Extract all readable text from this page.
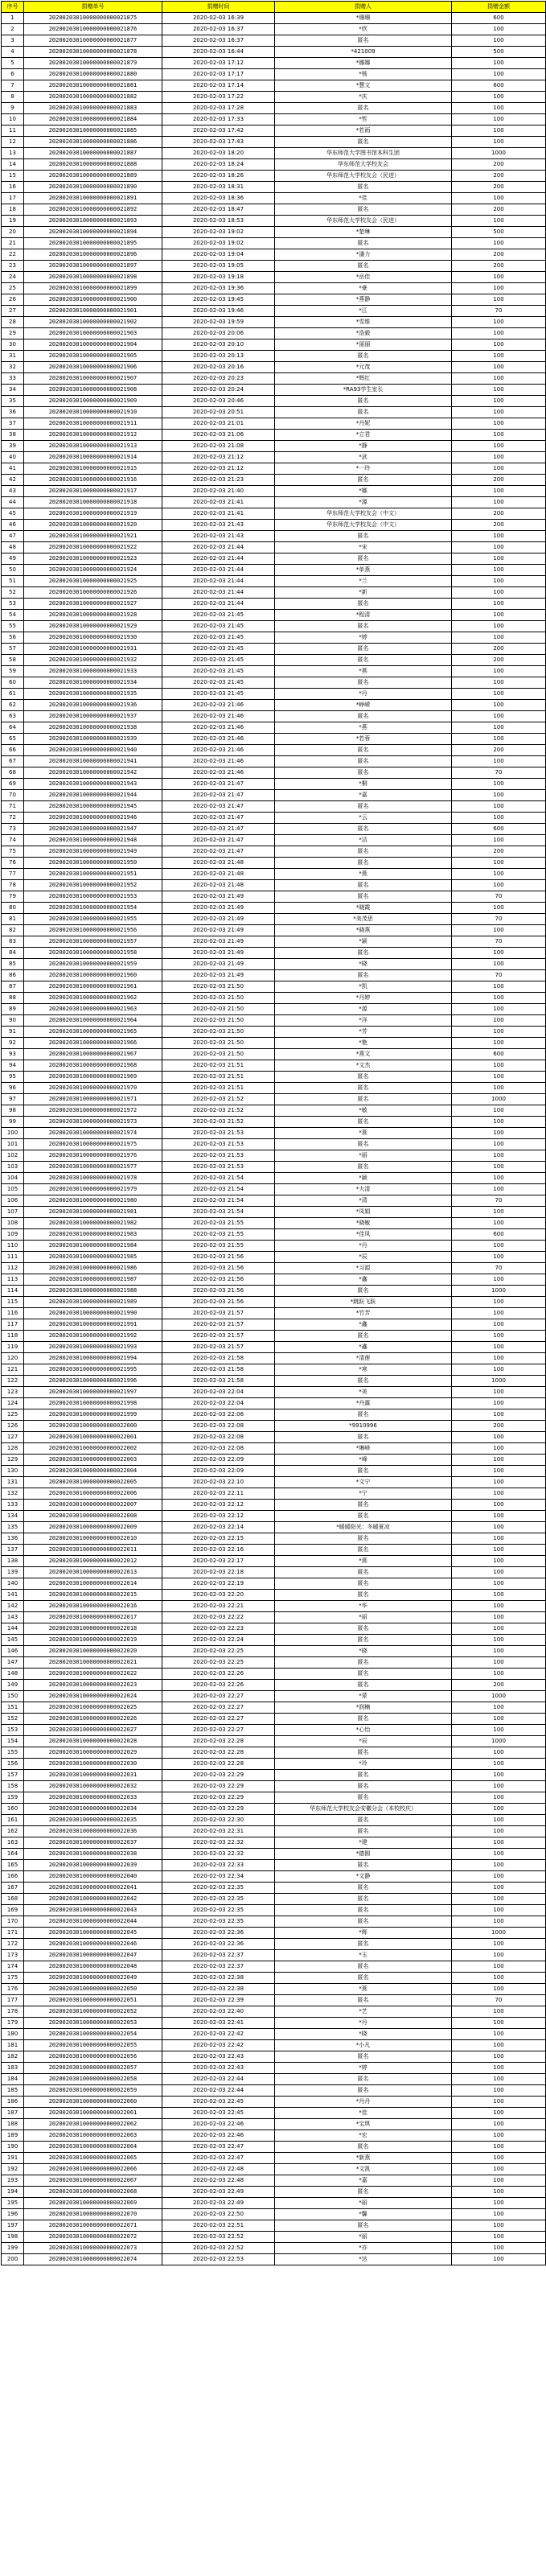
序号	捐赠单号	捐赠时间	捐赠人	捐赠金额
1	20200203010000000000021875	2020-02-03 16:39	*珊珊	600
2	20200203010000000000021876	2020-02-03 16:37	*欣	100
3	20200203010000000000021877	2020-02-03 16:37	匿名	100
4	20200203010000000000021878	2020-02-03 16:44	*421009	500
5	20200203010000000000021879	2020-02-03 17:12	*娜娜	100
6	20200203010000000000021880	2020-02-03 17:17	*杨	100
7	20200203010000000000021881	2020-02-03 17:14	*慧文	600
8	20200203010000000000021882	2020-02-03 17:22	*庆	100
9	20200203010000000000021883	2020-02-03 17:28	匿名	100
10	20200203010000000000021884	2020-02-03 17:33	*哲	100
11	20200203010000000000021885	2020-02-03 17:42	*若雨	100
12	20200203010000000000021886	2020-02-03 17:43	匿名	100
13	20200203010000000000021887	2020-02-03 18:20	华东师范大学图书馆本科生团	1000
14	20200203010000000000021888	2020-02-03 18:24	华东师范大学校友会	200
15	20200203010000000000021889	2020-02-03 18:26	华东师范大学校友会（民进）	200
16	20200203010000000000021890	2020-02-03 18:31	匿名	200
17	20200203010000000000021891	2020-02-03 18:36	*佳	100
18	20200203010000000000021892	2020-02-03 18:47	匿名	200
19	20200203010000000000021893	2020-02-03 18:53	华东师范大学校友会（民进）	100
20	20200203010000000000021894	2020-02-03 19:02	*楚琳	500
21	20200203010000000000021895	2020-02-03 19:02	匿名	100
22	20200203010000000000021896	2020-02-03 19:04	*潘力	200
23	20200203010000000000021897	2020-02-03 19:05	匿名	200
24	20200203010000000000021898	2020-02-03 19:18	*岳佳	100
25	20200203010000000000021899	2020-02-03 19:36	*豪	100
26	20200203010000000000021900	2020-02-03 19:45	*燕静	100
27	20200203010000000000021901	2020-02-03 19:46	*江	70
28	20200203010000000000021902	2020-02-03 19:59	*雪维	100
29	20200203010000000000021903	2020-02-03 20:06	*浩毅	100
30	20200203010000000000021904	2020-02-03 20:10	*丽丽	100
31	20200203010000000000021905	2020-02-03 20:13	匿名	100
32	20200203010000000000021906	2020-02-03 20:16	*元茂	100
33	20200203010000000000021907	2020-02-03 20:23	*辉红	100
34	20200203010000000000021908	2020-02-03 20:24	*RA93学生室长	100
35	20200203010000000000021909	2020-02-03 20:46	匿名	100
36	20200203010000000000021910	2020-02-03 20:51	匿名	100
37	20200203010000000000021911	2020-02-03 21:01	*丹妮	100
38	20200203010000000000021912	2020-02-03 21:06	*立君	100
39	20200203010000000000021913	2020-02-03 21:08	*静	100
40	20200203010000000000021914	2020-02-03 21:12	*武	100
41	20200203010000000000021915	2020-02-03 21:12	*一玲	100
42	20200203010000000000021916	2020-02-03 21:23	匿名	200
43	20200203010000000000021917	2020-02-03 21:40	*娜	100
44	20200203010000000000021918	2020-02-03 21:41	*源	100
45	20200203010000000000021919	2020-02-03 21:41	华东师范大学校友会（中文）	200
46	20200203010000000000021920	2020-02-03 21:43	华东师范大学校友会（中文）	200
47	20200203010000000000021921	2020-02-03 21:43	匿名	100
48	20200203010000000000021922	2020-02-03 21:44	*宋	100
49	20200203010000000000021923	2020-02-03 21:44	匿名	100
50	20200203010000000000021924	2020-02-03 21:44	*单燕	100
51	20200203010000000000021925	2020-02-03 21:44	*兰	100
52	20200203010000000000021926	2020-02-03 21:44	*新	100
53	20200203010000000000021927	2020-02-03 21:44	匿名	100
54	20200203010000000000021928	2020-02-03 21:45	*程清	100
55	20200203010000000000021929	2020-02-03 21:45	匿名	100
56	20200203010000000000021930	2020-02-03 21:45	*婷	100
57	20200203010000000000021931	2020-02-03 21:45	匿名	200
58	20200203010000000000021932	2020-02-03 21:45	匿名	200
59	20200203010000000000021933	2020-02-03 21:45	*燕	100
60	20200203010000000000021934	2020-02-03 21:45	匿名	100
61	20200203010000000000021935	2020-02-03 21:45	*丹	100
62	20200203010000000000021936	2020-02-03 21:46	*峥嵘	100
63	20200203010000000000021937	2020-02-03 21:46	匿名	100
64	20200203010000000000021938	2020-02-03 21:46	*燕	100
65	20200203010000000000021939	2020-02-03 21:46	*若蓉	100
66	20200203010000000000021940	2020-02-03 21:46	匿名	200
67	20200203010000000000021941	2020-02-03 21:46	匿名	100
68	20200203010000000000021942	2020-02-03 21:46	匿名	70
69	20200203010000000000021943	2020-02-03 21:47	*桐	100
70	20200203010000000000021944	2020-02-03 21:47	*嘉	100
71	20200203010000000000021945	2020-02-03 21:47	匿名	100
72	20200203010000000000021946	2020-02-03 21:47	*云	100
73	20200203010000000000021947	2020-02-03 21:47	匿名	600
74	20200203010000000000021948	2020-02-03 21:47	*洁	100
75	20200203010000000000021949	2020-02-03 21:47	匿名	200
76	20200203010000000000021950	2020-02-03 21:48	匿名	100
77	20200203010000000000021951	2020-02-03 21:48	*燕	100
78	20200203010000000000021952	2020-02-03 21:48	匿名	100
79	20200203010000000000021953	2020-02-03 21:49	匿名	70
80	20200203010000000000021954	2020-02-03 21:49	*晓霞	100
81	20200203010000000000021955	2020-02-03 21:49	*美茂思	70
82	20200203010000000000021956	2020-02-03 21:49	*晓燕	100
83	20200203010000000000021957	2020-02-03 21:49	*颖	70
84	20200203010000000000021958	2020-02-03 21:49	匿名	100
85	20200203010000000000021959	2020-02-03 21:49	*晓	100
86	20200203010000000000021960	2020-02-03 21:49	匿名	70
87	20200203010000000000021961	2020-02-03 21:50	*凯	100
88	20200203010000000000021962	2020-02-03 21:50	*丹婷	100
89	20200203010000000000021963	2020-02-03 21:50	*源	100
90	20200203010000000000021964	2020-02-03 21:50	*洋	100
91	20200203010000000000021965	2020-02-03 21:50	*芳	100
92	20200203010000000000021966	2020-02-03 21:50	*艳	100
93	20200203010000000000021967	2020-02-03 21:50	*燕文	600
94	20200203010000000000021968	2020-02-03 21:51	*文杰	100
95	20200203010000000000021969	2020-02-03 21:51	匿名	100
96	20200203010000000000021970	2020-02-03 21:51	匿名	100
97	20200203010000000000021971	2020-02-03 21:52	匿名	1000
98	20200203010000000000021972	2020-02-03 21:52	*敏	100
99	20200203010000000000021973	2020-02-03 21:52	匿名	100
100	20200203010000000000021974	2020-02-03 21:53	*燕	100
101	20200203010000000000021975	2020-02-03 21:53	匿名	100
102	20200203010000000000021976	2020-02-03 21:53	*丽	100
103	20200203010000000000021977	2020-02-03 21:53	匿名	100
104	20200203010000000000021978	2020-02-03 21:54	*颖	100
105	20200203010000000000021979	2020-02-03 21:54	*大清	100
106	20200203010000000000021980	2020-02-03 21:54	*清	70
107	20200203010000000000021981	2020-02-03 21:54	*凤娟	100
108	20200203010000000000021982	2020-02-03 21:55	*晓敏	100
109	20200203010000000000021983	2020-02-03 21:55	*佳凤	600
110	20200203010000000000021984	2020-02-03 21:55	*丹	100
111	20200203010000000000021985	2020-02-03 21:56	*辰	100
112	20200203010000000000021986	2020-02-03 21:56	*习源	70
113	20200203010000000000021987	2020-02-03 21:56	*鑫	100
114	20200203010000000000021988	2020-02-03 21:56	匿名	1000
115	20200203010000000000021989	2020-02-03 21:56	*跳跃飞跃	100
116	20200203010000000000021990	2020-02-03 21:57	*竹芳	100
117	20200203010000000000021991	2020-02-03 21:57	*鑫	100
118	20200203010000000000021992	2020-02-03 21:57	匿名	100
119	20200203010000000000021993	2020-02-03 21:57	*鑫	100
120	20200203010000000000021994	2020-02-03 21:58	*清莲	100
121	20200203010000000000021995	2020-02-03 21:58	*寒	100
122	20200203010000000000021996	2020-02-03 21:58	匿名	1000
123	20200203010000000000021997	2020-02-03 22:04	*美	100
124	20200203010000000000021998	2020-02-03 22:04	*丹露	100
125	20200203010000000000021999	2020-02-03 22:06	匿名	100
126	20200203010000000000022000	2020-02-03 22:08	*9910996	200
127	20200203010000000000022001	2020-02-03 22:08	匿名	100
128	20200203010000000000022002	2020-02-03 22:08	*琳峰	100
129	20200203010000000000022003	2020-02-03 22:09	*峰	100
130	20200203010000000000022004	2020-02-03 22:09	匿名	100
131	20200203010000000000022005	2020-02-03 22:10	*文宁	100
132	20200203010000000000022006	2020-02-03 22:11	*宁	100
133	20200203010000000000022007	2020-02-03 22:12	匿名	100
134	20200203010000000000022008	2020-02-03 22:12	匿名	100
135	20200203010000000000022009	2020-02-03 22:14	*暖暖阳光：冬暖夏凉	100
136	20200203010000000000022010	2020-02-03 22:15	匿名	100
137	20200203010000000000022011	2020-02-03 22:16	匿名	100
138	20200203010000000000022012	2020-02-03 22:17	*燕	100
139	20200203010000000000022013	2020-02-03 22:18	匿名	100
140	20200203010000000000022014	2020-02-03 22:19	匿名	100
141	20200203010000000000022015	2020-02-03 22:20	匿名	100
142	20200203010000000000022016	2020-02-03 22:21	*华	100
143	20200203010000000000022017	2020-02-03 22:22	*丽	100
144	20200203010000000000022018	2020-02-03 22:23	匿名	100
145	20200203010000000000022019	2020-02-03 22:24	匿名	100
146	20200203010000000000022020	2020-02-03 22:25	*晓	100
147	20200203010000000000022021	2020-02-03 22:25	匿名	100
148	20200203010000000000022022	2020-02-03 22:26	匿名	100
149	20200203010000000000022023	2020-02-03 22:26	匿名	200
150	20200203010000000000022024	2020-02-03 22:27	*蒙	1000
151	20200203010000000000022025	2020-02-03 22:27	*润楠	100
152	20200203010000000000022026	2020-02-03 22:27	匿名	100
153	20200203010000000000022027	2020-02-03 22:27	*心怡	100
154	20200203010000000000022028	2020-02-03 22:28	*辰	1000
155	20200203010000000000022029	2020-02-03 22:28	匿名	100
156	20200203010000000000022030	2020-02-03 22:28	*玲	100
157	20200203010000000000022031	2020-02-03 22:29	匿名	100
158	20200203010000000000022032	2020-02-03 22:29	匿名	100
159	20200203010000000000022033	2020-02-03 22:29	匿名	100
160	20200203010000000000022034	2020-02-03 22:29	华东师范大学校友会安徽分会（本校校庆）	100
161	20200203010000000000022035	2020-02-03 22:30	匿名	100
162	20200203010000000000022036	2020-02-03 22:31	匿名	100
163	20200203010000000000022037	2020-02-03 22:32	*建	100
164	20200203010000000000022038	2020-02-03 22:32	*德圆	100
165	20200203010000000000022039	2020-02-03 22:33	匿名	100
166	20200203010000000000022040	2020-02-03 22:34	*文静	100
167	20200203010000000000022041	2020-02-03 22:35	匿名	100
168	20200203010000000000022042	2020-02-03 22:35	匿名	100
169	20200203010000000000022043	2020-02-03 22:35	匿名	100
170	20200203010000000000022044	2020-02-03 22:35	匿名	100
171	20200203010000000000022045	2020-02-03 22:36	*辉	1000
172	20200203010000000000022046	2020-02-03 22:36	匿名	100
173	20200203010000000000022047	2020-02-03 22:37	*玉	100
174	20200203010000000000022048	2020-02-03 22:37	匿名	100
175	20200203010000000000022049	2020-02-03 22:38	匿名	100
176	20200203010000000000022050	2020-02-03 22:38	*燕	100
177	20200203010000000000022051	2020-02-03 22:39	匿名	70
178	20200203010000000000022052	2020-02-03 22:40	*艺	100
179	20200203010000000000022053	2020-02-03 22:41	*丹	100
180	20200203010000000000022054	2020-02-03 22:42	*晓	100
181	20200203010000000000022055	2020-02-03 22:42	*小凡	100
182	20200203010000000000022056	2020-02-03 22:43	匿名	100
183	20200203010000000000022057	2020-02-03 22:43	*婷	100
184	20200203010000000000022058	2020-02-03 22:44	匿名	100
185	20200203010000000000022059	2020-02-03 22:44	匿名	100
186	20200203010000000000022060	2020-02-03 22:45	*丹丹	100
187	20200203010000000000022061	2020-02-03 22:45	*佳	100
188	20200203010000000000022062	2020-02-03 22:46	*宝琪	100
189	20200203010000000000022063	2020-02-03 22:46	*宏	100
190	20200203010000000000022064	2020-02-03 22:47	匿名	100
191	20200203010000000000022065	2020-02-03 22:47	*新燕	100
192	20200203010000000000022066	2020-02-03 22:48	*文凯	100
193	20200203010000000000022067	2020-02-03 22:48	*嘉	100
194	20200203010000000000022068	2020-02-03 22:49	匿名	100
195	20200203010000000000022069	2020-02-03 22:49	*丽	100
196	20200203010000000000022070	2020-02-03 22:50	*馨	100
197	20200203010000000000022071	2020-02-03 22:51	匿名	100
198	20200203010000000000022072	2020-02-03 22:52	*丽	100
199	20200203010000000000022073	2020-02-03 22:52	*亦	100
200	20200203010000000000022074	2020-02-03 22:53	*达	100
